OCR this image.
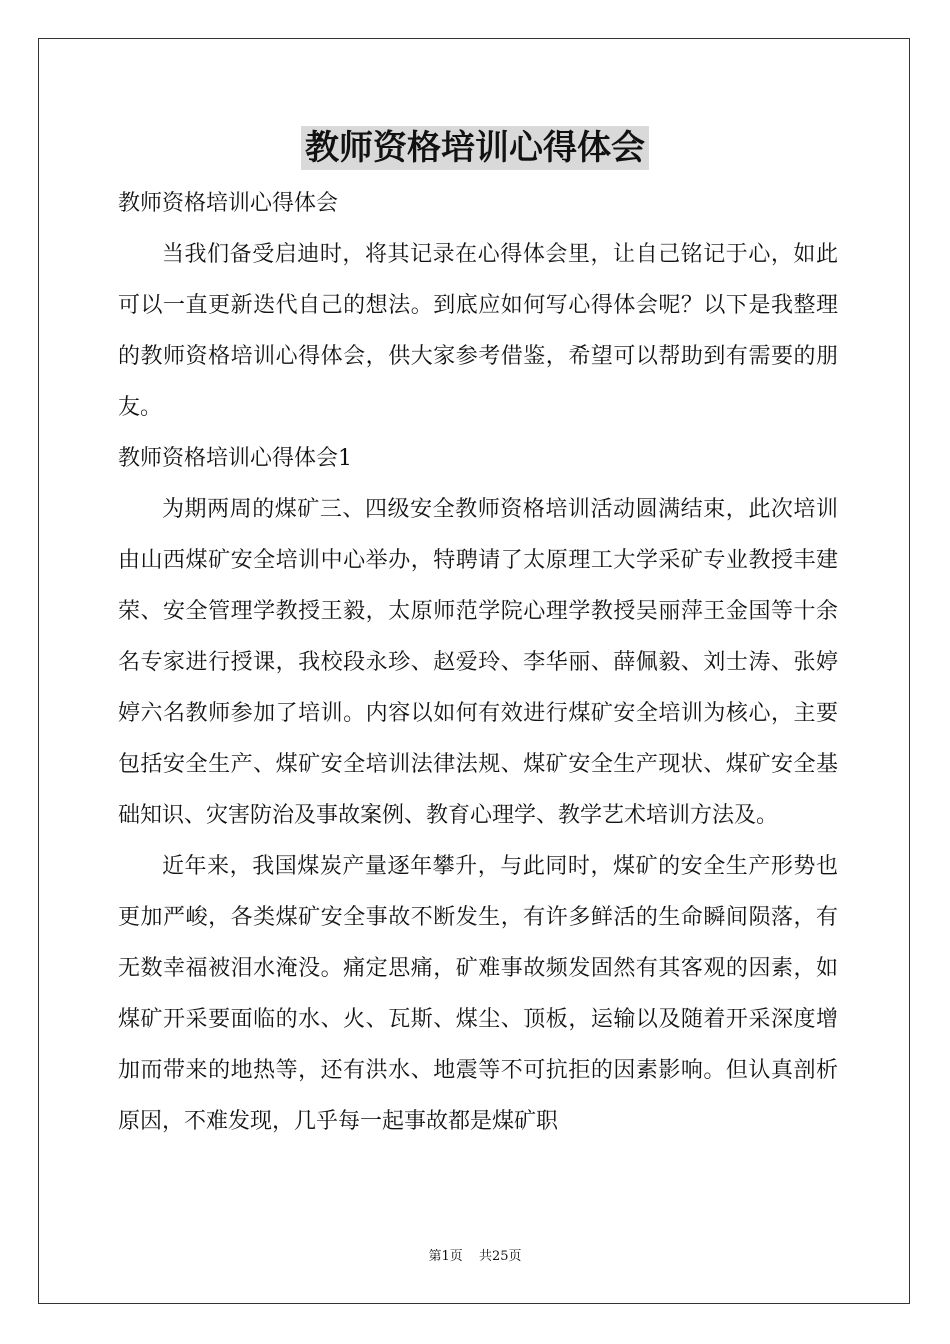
教师资格培训心得体会

教师资格培训心得体会

当我们备受启迪时，将其记录在心得体会里，让自己铭记于心，如此可以一直更新迭代自己的想法。到底应如何写心得体会呢？以下是我整理的教师资格培训心得体会，供大家参考借鉴，希望可以帮助到有需要的朋友。

教师资格培训心得体会1

为期两周的煤矿三、四级安全教师资格培训活动圆满结束，此次培训由山西煤矿安全培训中心举办，特聘请了太原理工大学采矿专业教授丰建荣、安全管理学教授王毅，太原师范学院心理学教授吴丽萍王金国等十余名专家进行授课，我校段永珍、赵爱玲、李华丽、薛佩毅、刘士涛、张婷婷六名教师参加了培训。内容以如何有效进行煤矿安全培训为核心，主要包括安全生产、煤矿安全培训法律法规、煤矿安全生产现状、煤矿安全基础知识、灾害防治及事故案例、教育心理学、教学艺术培训方法及。

近年来，我国煤炭产量逐年攀升，与此同时，煤矿的安全生产形势也更加严峻，各类煤矿安全事故不断发生，有许多鲜活的生命瞬间陨落，有无数幸福被泪水淹没。痛定思痛，矿难事故频发固然有其客观的因素，如煤矿开采要面临的水、火、瓦斯、煤尘、顶板，运输以及随着开采深度增加而带来的地热等，还有洪水、地震等不可抗拒的因素影响。但认真剖析原因，不难发现，几乎每一起事故都是煤矿职

第1页 共25页
